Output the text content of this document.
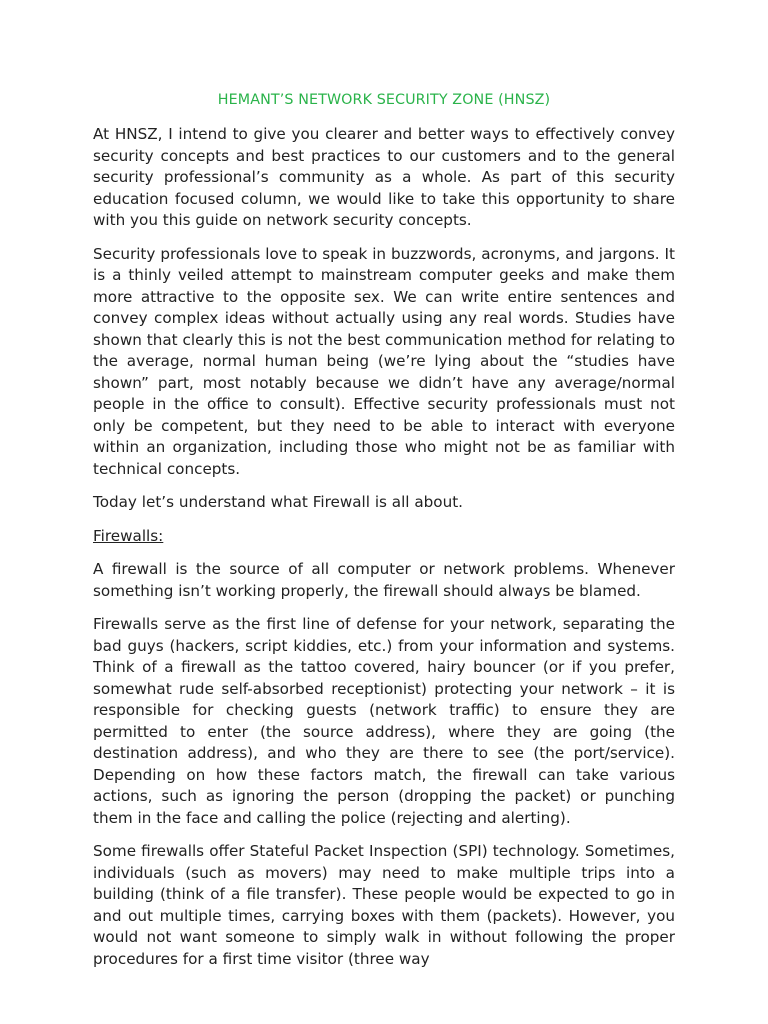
HEMANT’S NETWORK SECURITY ZONE (HNSZ)

At HNSZ, I intend to give you clearer and better ways to effectively convey security concepts and best practices to our customers and to the general security professional’s community as a whole. As part of this security education focused column, we would like to take this opportunity to share with you this guide on network security concepts.

Security professionals love to speak in buzzwords, acronyms, and jargons. It is a thinly veiled attempt to mainstream computer geeks and make them more attractive to the opposite sex. We can write entire sentences and convey complex ideas without actually using any real words. Studies have shown that clearly this is not the best communication method for relating to the average, normal human being (we’re lying about the “studies have shown” part, most notably because we didn’t have any average/normal people in the office to consult). Effective security professionals must not only be competent, but they need to be able to interact with everyone within an organization, including those who might not be as familiar with technical concepts.

Today let’s understand what Firewall is all about.

Firewalls:

A firewall is the source of all computer or network problems. Whenever something isn’t working properly, the firewall should always be blamed.

Firewalls serve as the first line of defense for your network, separating the bad guys (hackers, script kiddies, etc.) from your information and systems. Think of a firewall as the tattoo covered, hairy bouncer (or if you prefer, somewhat rude self-absorbed receptionist) protecting your network – it is responsible for checking guests (network traffic) to ensure they are permitted to enter (the source address), where they are going (the destination address), and who they are there to see (the port/service). Depending on how these factors match, the firewall can take various actions, such as ignoring the person (dropping the packet) or punching them in the face and calling the police (rejecting and alerting).

Some firewalls offer Stateful Packet Inspection (SPI) technology. Sometimes, individuals (such as movers) may need to make multiple trips into a building (think of a file transfer). These people would be expected to go in and out multiple times, carrying boxes with them (packets). However, you would not want someone to simply walk in without following the proper procedures for a first time visitor (three way
